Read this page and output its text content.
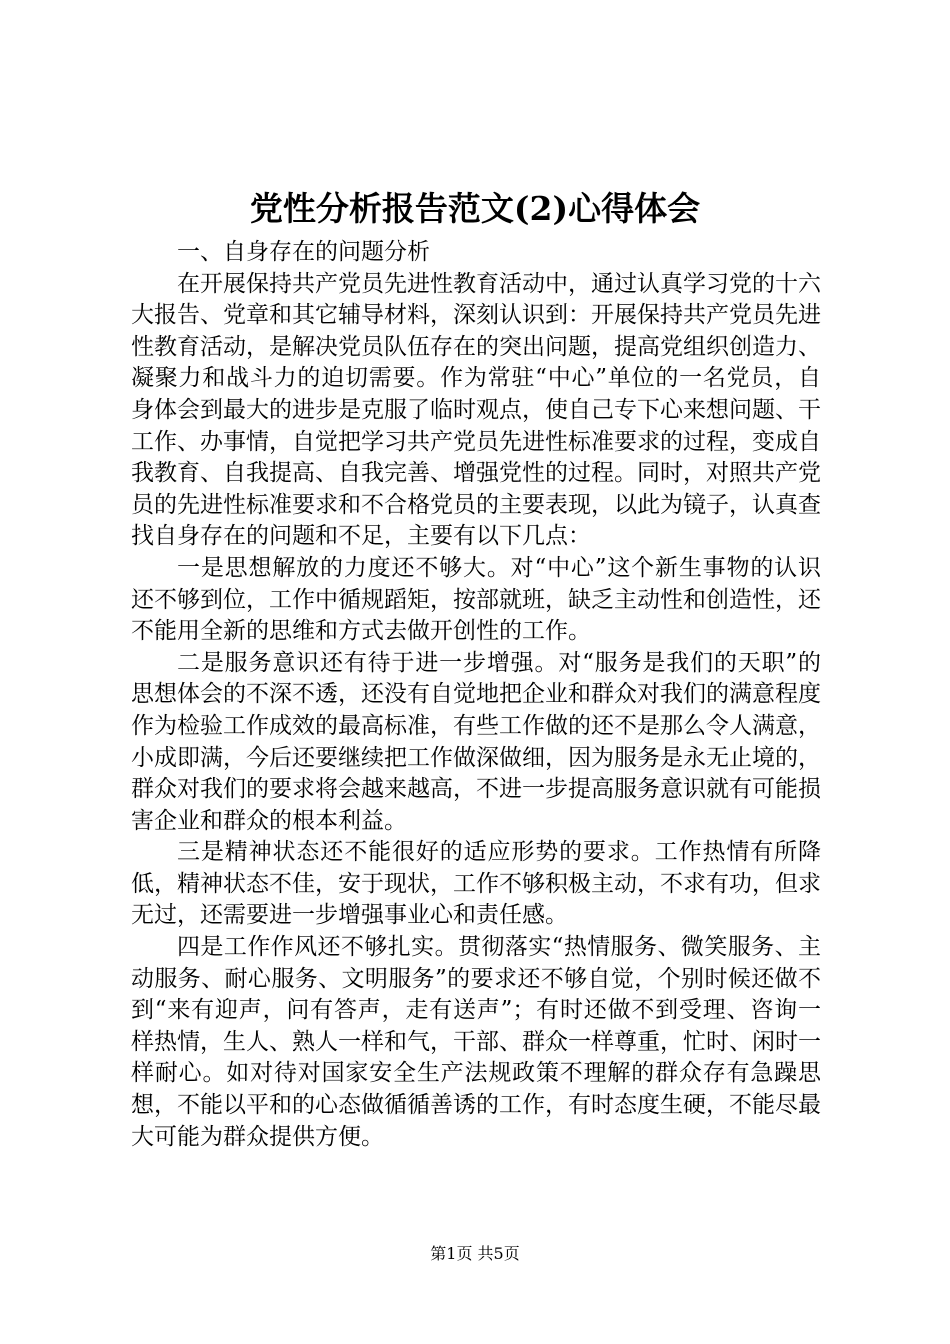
党性分析报告范文(2)心得体会

一、自身存在的问题分析

在开展保持共产党员先进性教育活动中，通过认真学习党的十六大报告、党章和其它辅导材料，深刻认识到：开展保持共产党员先进性教育活动，是解决党员队伍存在的突出问题，提高党组织创造力、凝聚力和战斗力的迫切需要。作为常驻“中心”单位的一名党员，自身体会到最大的进步是克服了临时观点，使自己专下心来想问题、干工作、办事情，自觉把学习共产党员先进性标准要求的过程，变成自我教育、自我提高、自我完善、增强党性的过程。同时，对照共产党员的先进性标准要求和不合格党员的主要表现，以此为镜子，认真查找自身存在的问题和不足，主要有以下几点：

一是思想解放的力度还不够大。对“中心”这个新生事物的认识还不够到位，工作中循规蹈矩，按部就班，缺乏主动性和创造性，还不能用全新的思维和方式去做开创性的工作。

二是服务意识还有待于进一步增强。对“服务是我们的天职”的思想体会的不深不透，还没有自觉地把企业和群众对我们的满意程度作为检验工作成效的最高标准，有些工作做的还不是那么令人满意，小成即满，今后还要继续把工作做深做细，因为服务是永无止境的，群众对我们的要求将会越来越高，不进一步提高服务意识就有可能损害企业和群众的根本利益。

三是精神状态还不能很好的适应形势的要求。工作热情有所降低，精神状态不佳，安于现状，工作不够积极主动，不求有功，但求无过，还需要进一步增强事业心和责任感。

四是工作作风还不够扎实。贯彻落实“热情服务、微笑服务、主动服务、耐心服务、文明服务”的要求还不够自觉，个别时候还做不到“来有迎声，问有答声，走有送声”；有时还做不到受理、咨询一样热情，生人、熟人一样和气，干部、群众一样尊重，忙时、闲时一样耐心。如对待对国家安全生产法规政策不理解的群众存有急躁思想，不能以平和的心态做循循善诱的工作，有时态度生硬，不能尽最大可能为群众提供方便。

第1页 共5页
